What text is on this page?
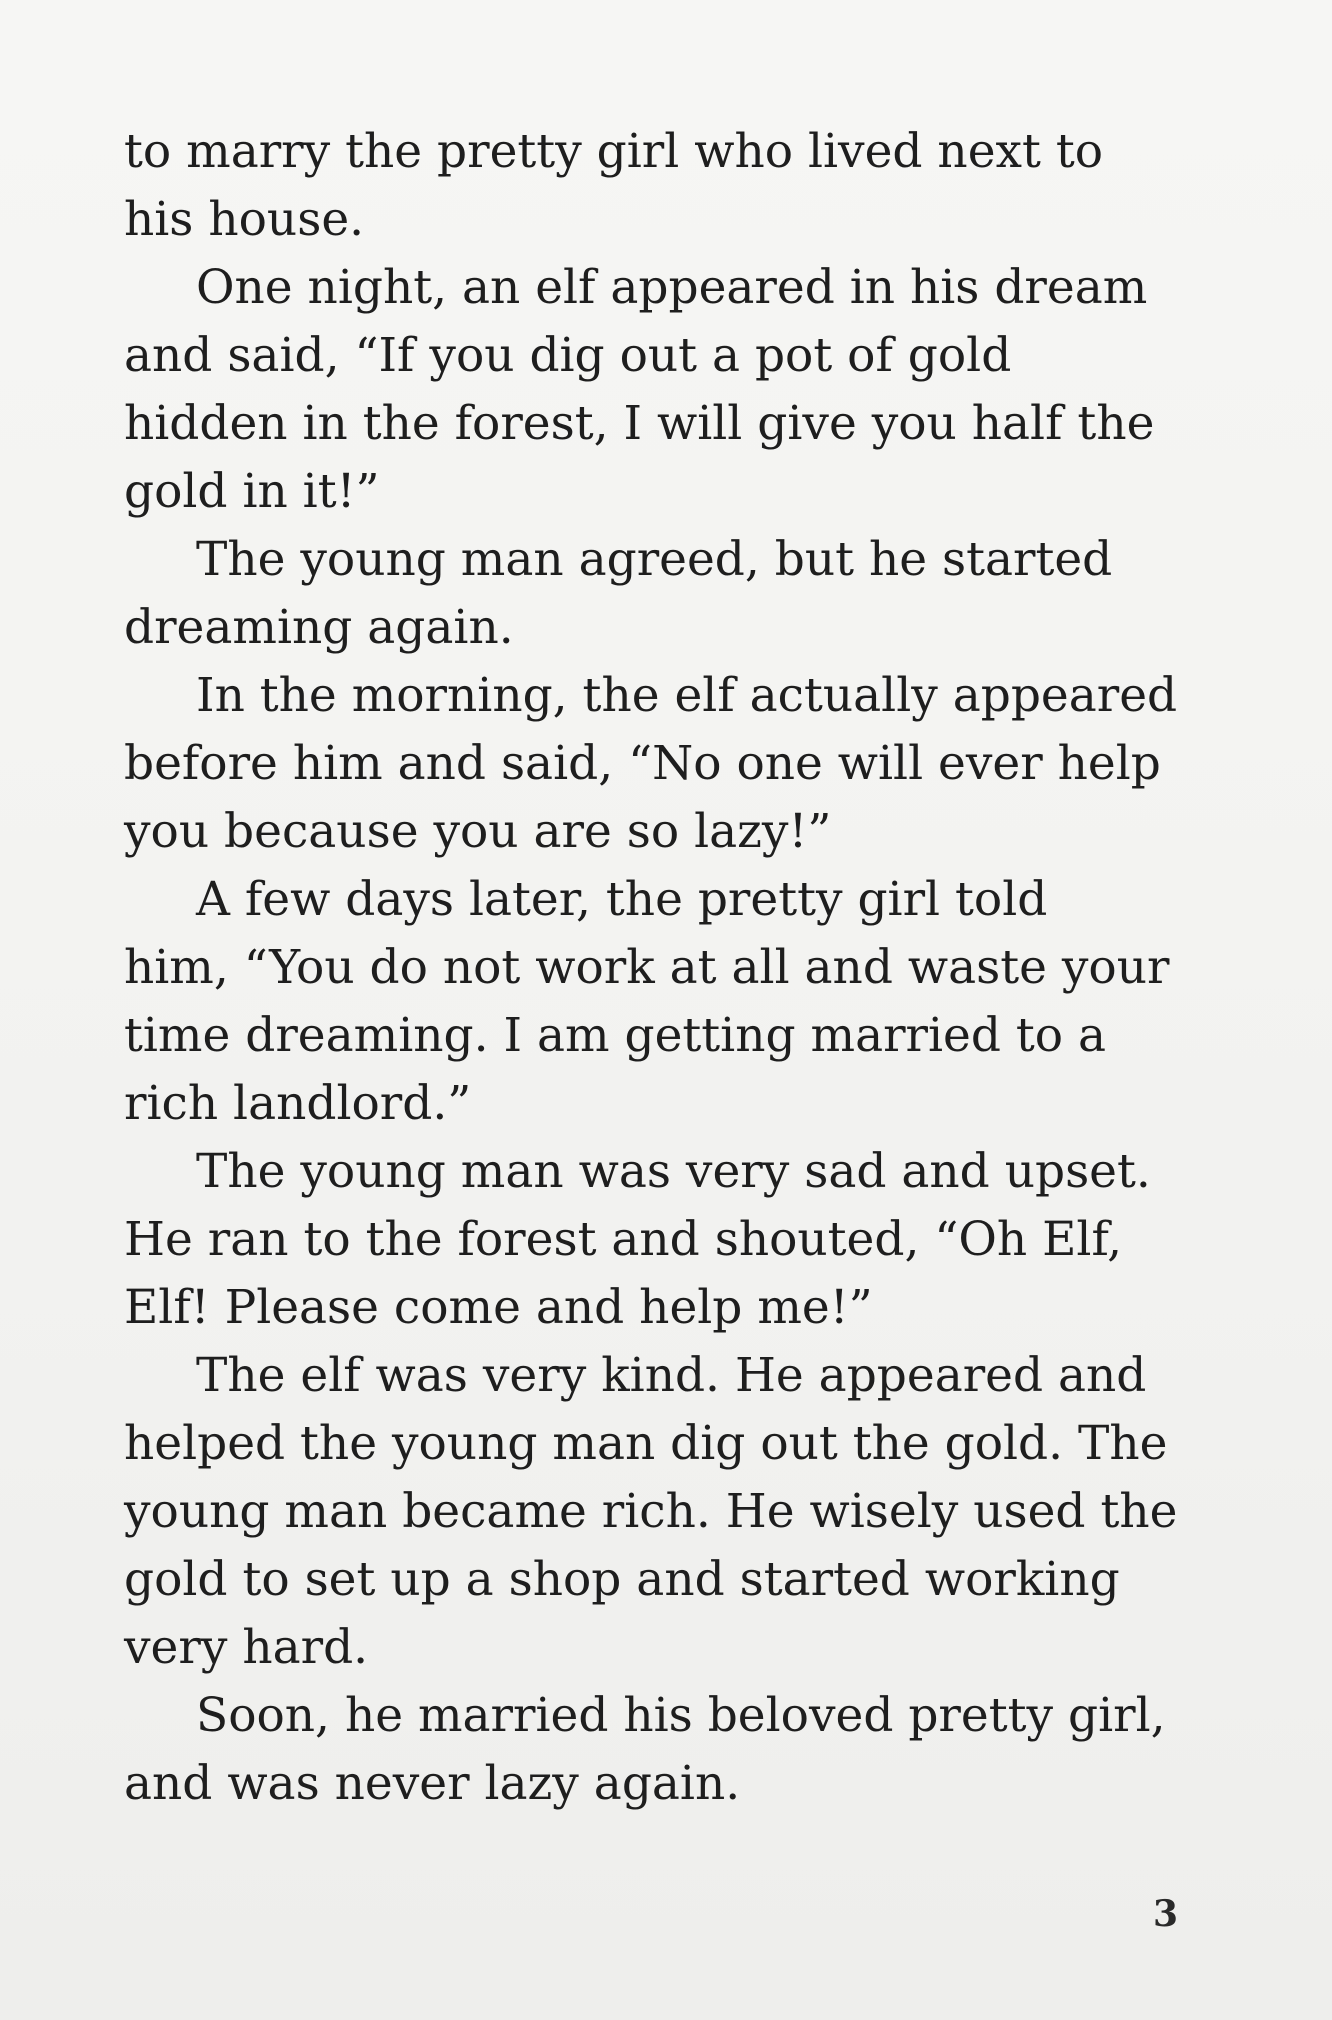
to marry the pretty girl who lived next to
his house.
One night, an elf appeared in his dream
and said, “If you dig out a pot of gold
hidden in the forest, I will give you half the
gold in it!”
The young man agreed, but he started
dreaming again.
In the morning, the elf actually appeared
before him and said, “No one will ever help
you because you are so lazy!”
A few days later, the pretty girl told
him, “You do not work at all and waste your
time dreaming. I am getting married to a
rich landlord.”
The young man was very sad and upset.
He ran to the forest and shouted, “Oh Elf,
Elf! Please come and help me!”
The elf was very kind. He appeared and
helped the young man dig out the gold. The
young man became rich. He wisely used the
gold to set up a shop and started working
very hard.
Soon, he married his beloved pretty girl,
and was never lazy again.
3
